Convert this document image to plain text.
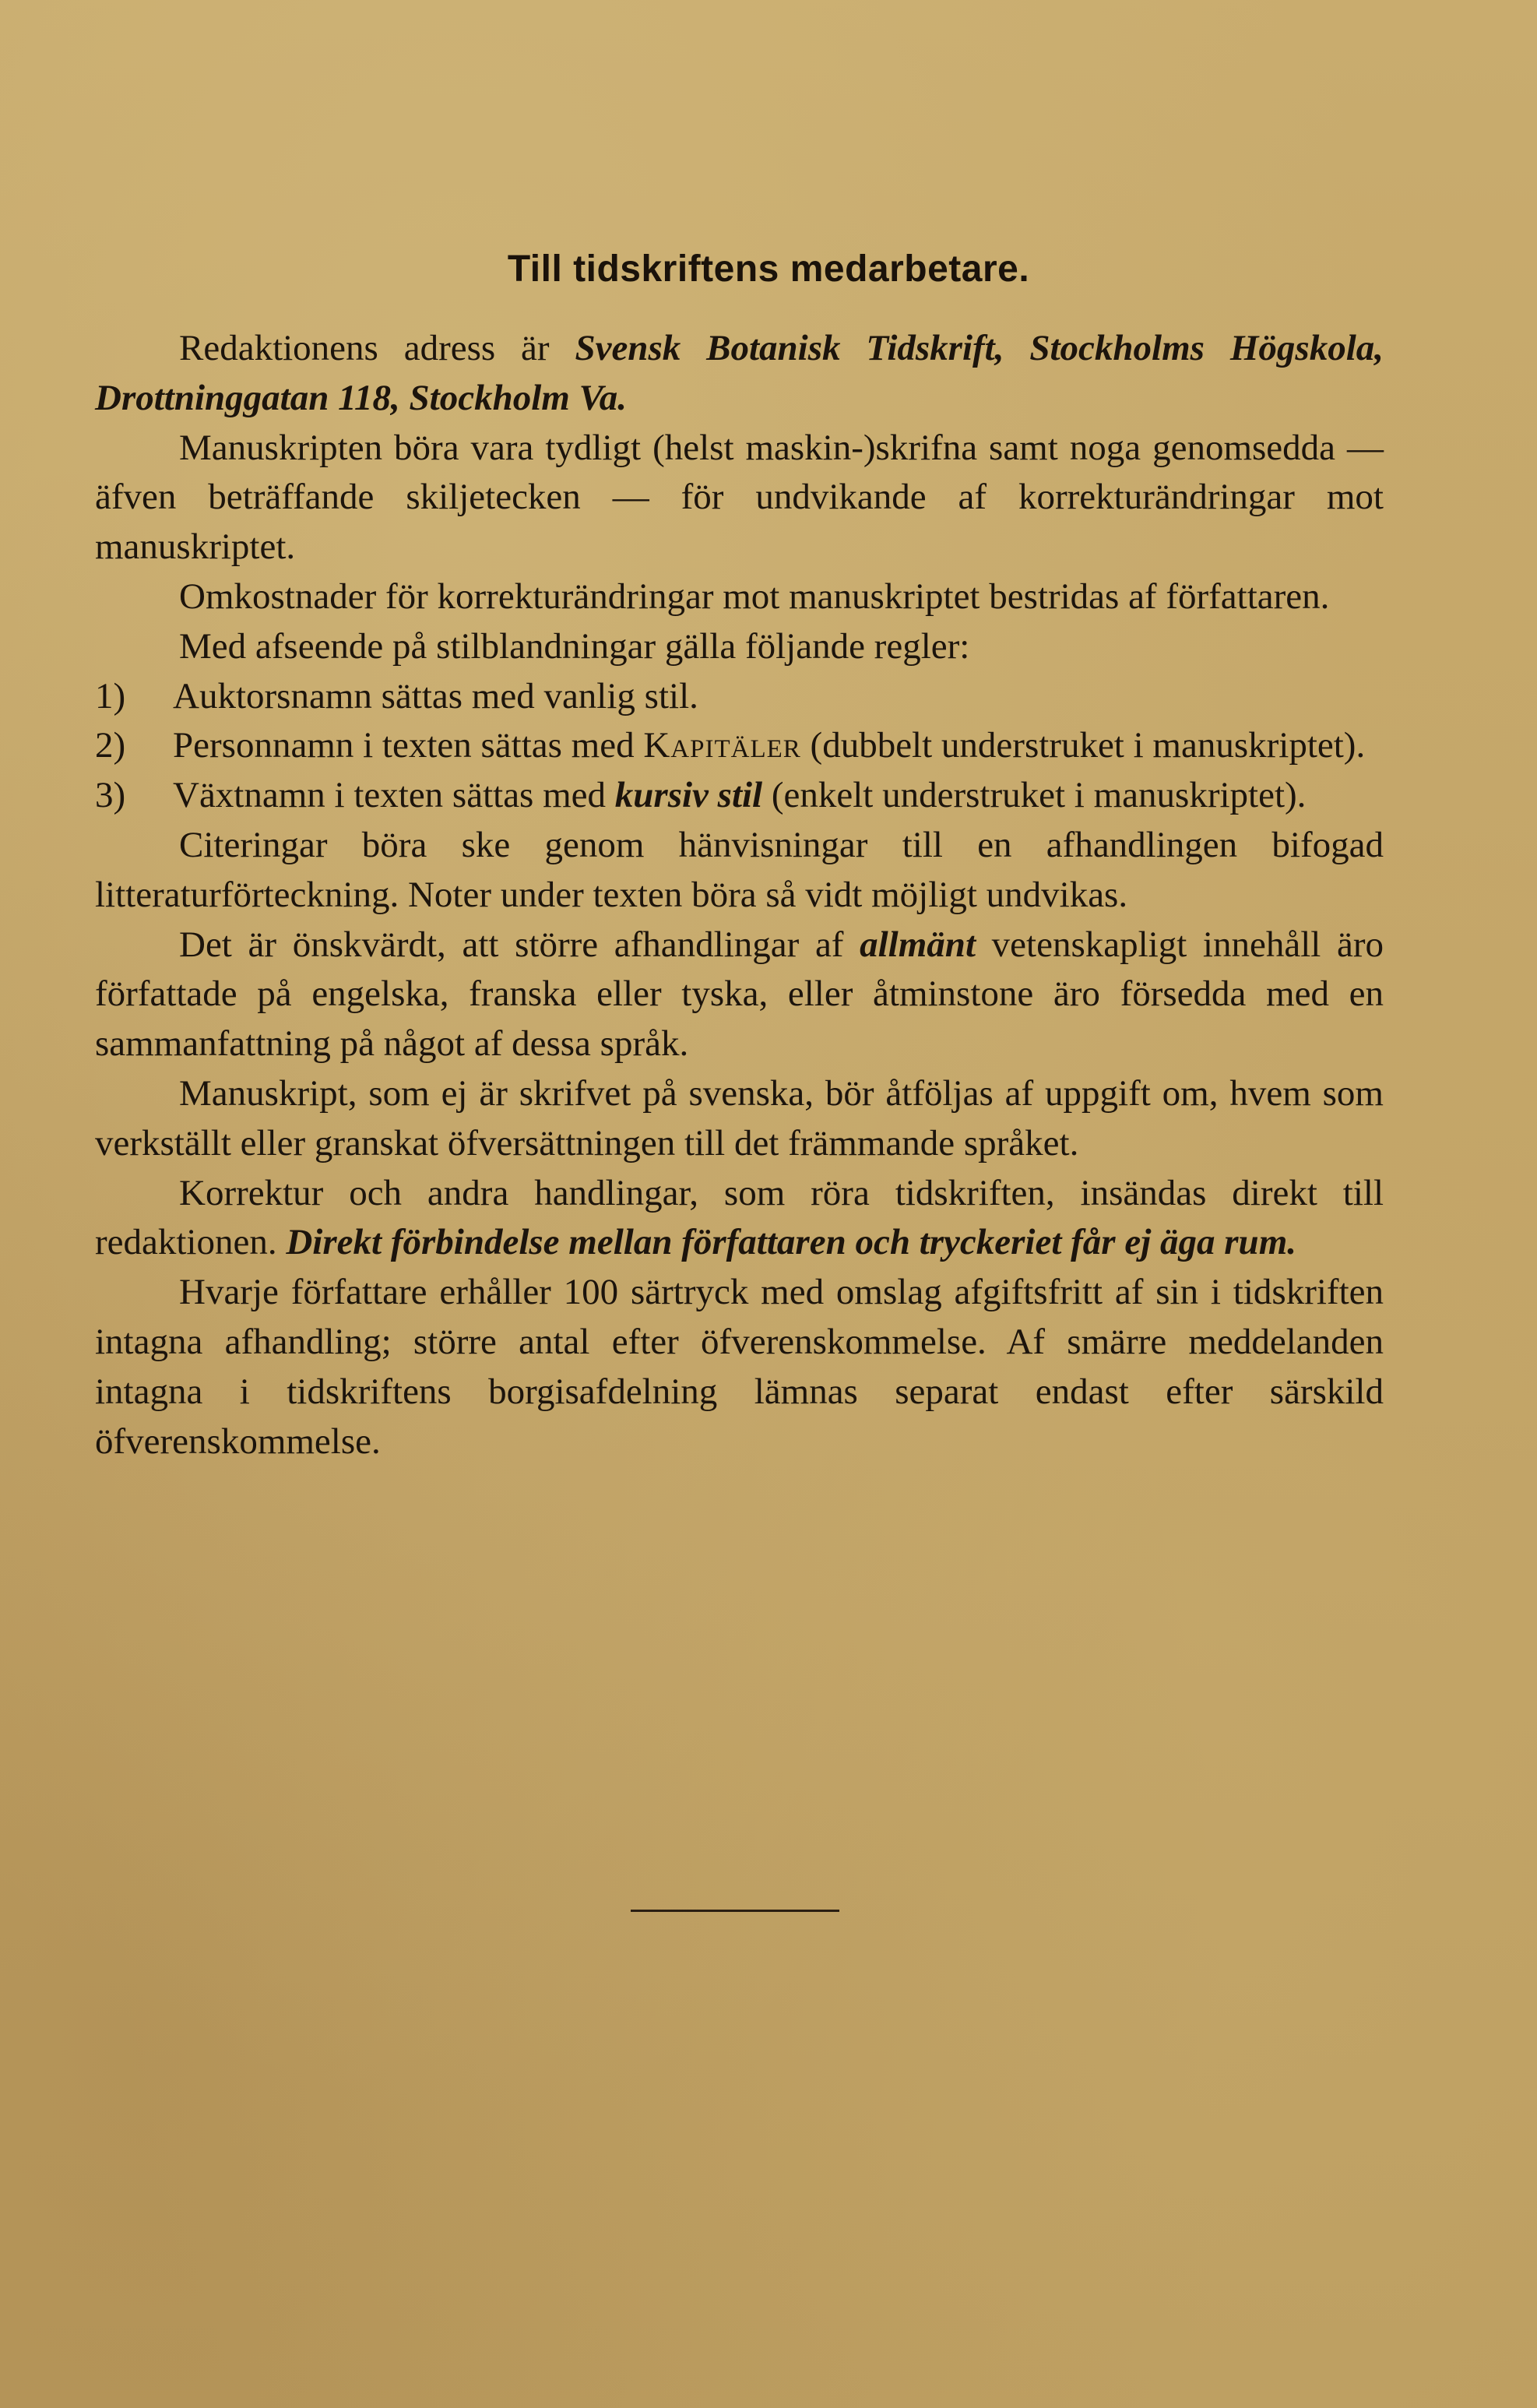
Till tidskriftens medarbetare.

Redaktionens adress är Svensk Botanisk Tidskrift, Stockholms Högskola, Drottninggatan 118, Stockholm Va.

Manuskripten böra vara tydligt (helst maskin-)skrifna samt noga genomsedda — äfven beträffande skiljetecken — för undvikande af korrekturändringar mot manuskriptet.

Omkostnader för korrekturändringar mot manuskriptet bestridas af författaren.

Med afseende på stilblandningar gälla följande regler:

1) Auktorsnamn sättas med vanlig stil.

2) Personnamn i texten sättas med Kapitäler (dubbelt understruket i manuskriptet).

3) Växtnamn i texten sättas med kursiv stil (enkelt understruket i manuskriptet).

Citeringar böra ske genom hänvisningar till en afhandlingen bifogad litteraturförteckning. Noter under texten böra så vidt möjligt undvikas.

Det är önskvärdt, att större afhandlingar af allmänt vetenskapligt innehåll äro författade på engelska, franska eller tyska, eller åtminstone äro försedda med en sammanfattning på något af dessa språk.

Manuskript, som ej är skrifvet på svenska, bör åtföljas af uppgift om, hvem som verkställt eller granskat öfversättningen till det främmande språket.

Korrektur och andra handlingar, som röra tidskriften, insändas direkt till redaktionen. Direkt förbindelse mellan författaren och tryckeriet får ej äga rum.

Hvarje författare erhåller 100 särtryck med omslag afgiftsfritt af sin i tidskriften intagna afhandling; större antal efter öfverenskommelse. Af smärre meddelanden intagna i tidskriftens borgisafdelning lämnas separat endast efter särskild öfverenskommelse.
